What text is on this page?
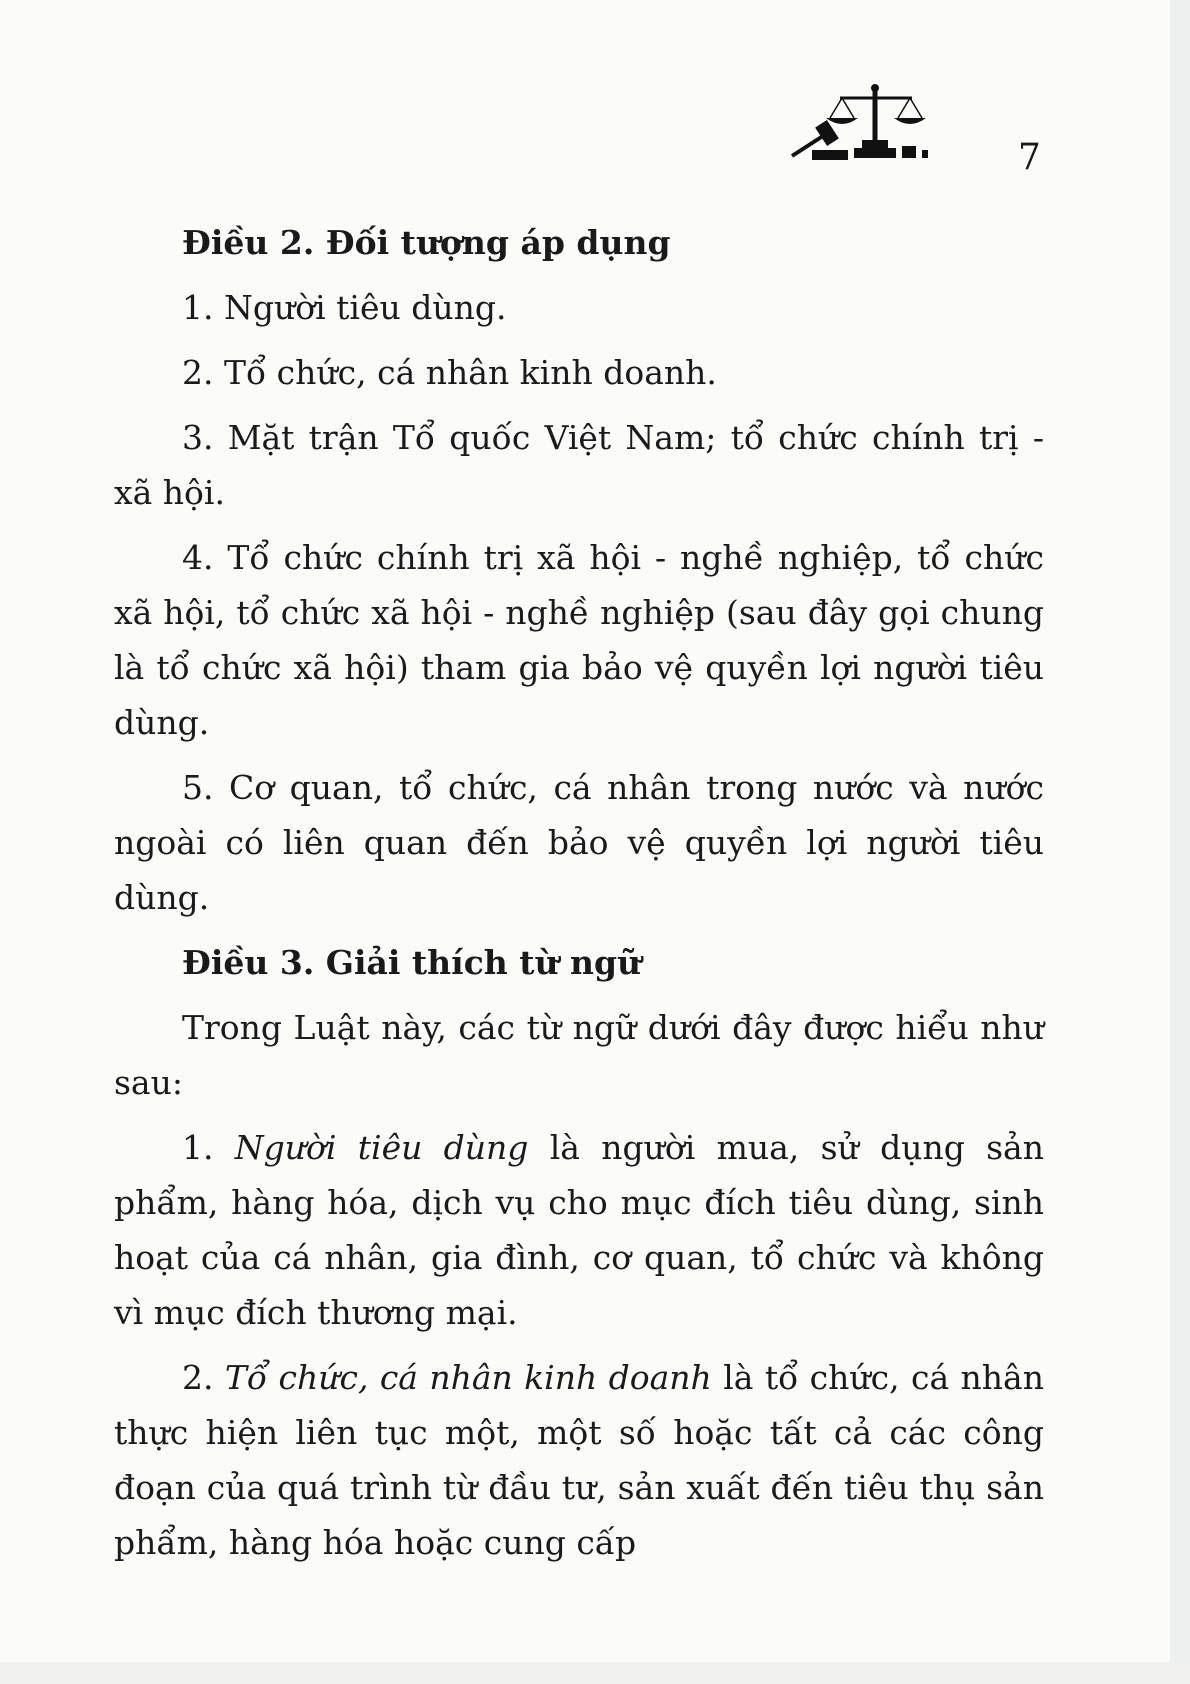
7
Điều 2. Đối tượng áp dụng

1. Người tiêu dùng.

2. Tổ chức, cá nhân kinh doanh.

3. Mặt trận Tổ quốc Việt Nam; tổ chức chính trị - xã hội.

4. Tổ chức chính trị xã hội - nghề nghiệp, tổ chức xã hội, tổ chức xã hội - nghề nghiệp (sau đây gọi chung là tổ chức xã hội) tham gia bảo vệ quyền lợi người tiêu dùng.

5. Cơ quan, tổ chức, cá nhân trong nước và nước ngoài có liên quan đến bảo vệ quyền lợi người tiêu dùng.

Điều 3. Giải thích từ ngữ

Trong Luật này, các từ ngữ dưới đây được hiểu như sau:

1. Người tiêu dùng là người mua, sử dụng sản phẩm, hàng hóa, dịch vụ cho mục đích tiêu dùng, sinh hoạt của cá nhân, gia đình, cơ quan, tổ chức và không vì mục đích thương mại.

2. Tổ chức, cá nhân kinh doanh là tổ chức, cá nhân thực hiện liên tục một, một số hoặc tất cả các công đoạn của quá trình từ đầu tư, sản xuất đến tiêu thụ sản phẩm, hàng hóa hoặc cung cấp
